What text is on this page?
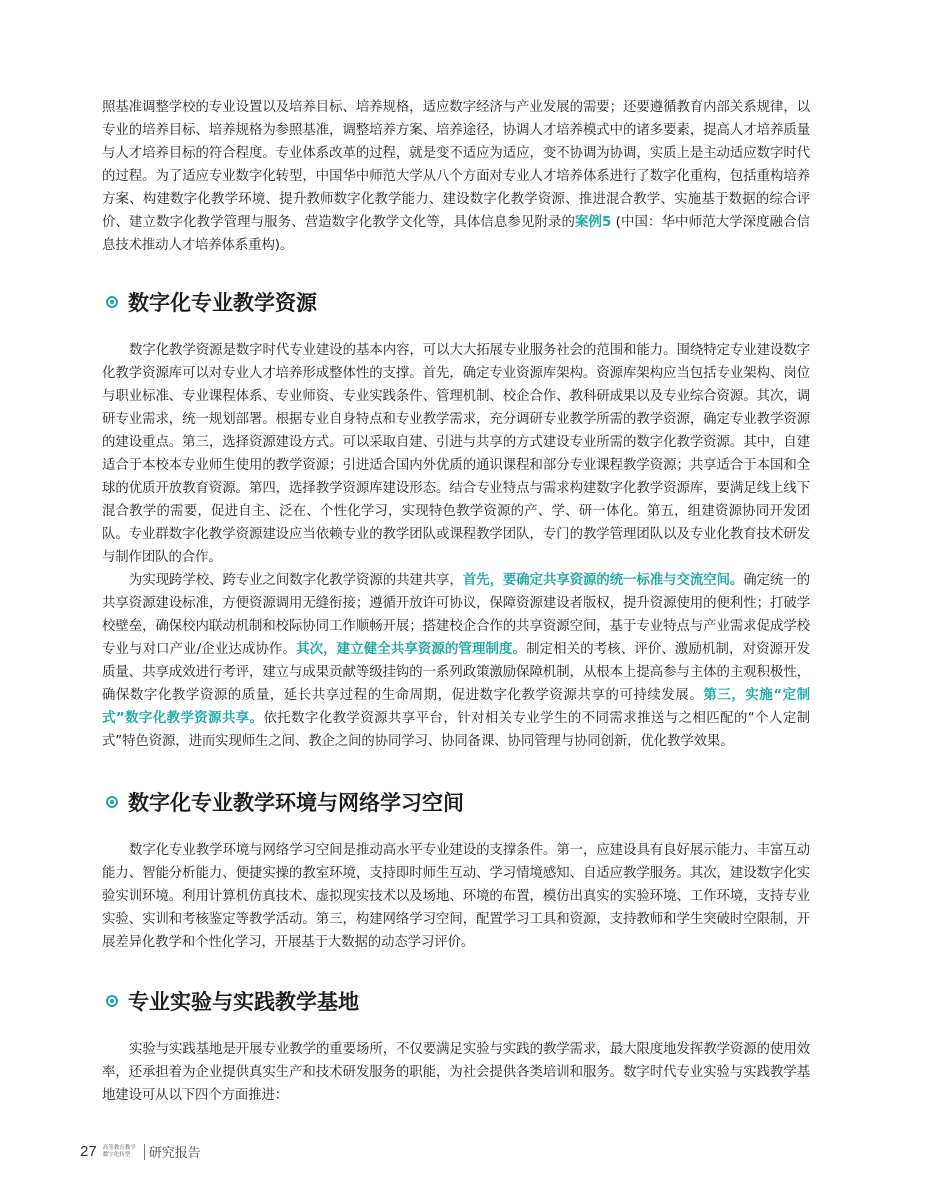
照基准调整学校的专业设置以及培养目标、培养规格，适应数字经济与产业发展的需要；还要遵循教育内部关系规律，以专业的培养目标、培养规格为参照基准，调整培养方案、培养途径，协调人才培养模式中的诸多要素，提高人才培养质量与人才培养目标的符合程度。专业体系改革的过程，就是变不适应为适应，变不协调为协调，实质上是主动适应数字时代的过程。为了适应专业数字化转型，中国华中师范大学从八个方面对专业人才培养体系进行了数字化重构，包括重构培养方案、构建数字化教学环境、提升教师数字化教学能力、建设数字化教学资源、推进混合教学、实施基于数据的综合评价、建立数字化教学管理与服务、营造数字化教学文化等，具体信息参见附录的案例5 (中国：华中师范大学深度融合信息技术推动人才培养体系重构)。

数字化专业教学资源

数字化教学资源是数字时代专业建设的基本内容，可以大大拓展专业服务社会的范围和能力。围绕特定专业建设数字化教学资源库可以对专业人才培养形成整体性的支撑。首先，确定专业资源库架构。资源库架构应当包括专业架构、岗位与职业标准、专业课程体系、专业师资、专业实践条件、管理机制、校企合作、教科研成果以及专业综合资源。其次，调研专业需求，统一规划部署。根据专业自身特点和专业教学需求，充分调研专业教学所需的教学资源，确定专业教学资源的建设重点。第三，选择资源建设方式。可以采取自建、引进与共享的方式建设专业所需的数字化教学资源。其中，自建适合于本校本专业师生使用的教学资源；引进适合国内外优质的通识课程和部分专业课程教学资源；共享适合于本国和全球的优质开放教育资源。第四，选择教学资源库建设形态。结合专业特点与需求构建数字化教学资源库，要满足线上线下混合教学的需要，促进自主、泛在、个性化学习，实现特色教学资源的产、学、研一体化。第五，组建资源协同开发团队。专业群数字化教学资源建设应当依赖专业的教学团队或课程教学团队，专门的教学管理团队以及专业化教育技术研发与制作团队的合作。

为实现跨学校、跨专业之间数字化教学资源的共建共享，首先，要确定共享资源的统一标准与交流空间。确定统一的共享资源建设标准，方便资源调用无缝衔接；遵循开放许可协议，保障资源建设者版权，提升资源使用的便利性；打破学校壁垒，确保校内联动机制和校际协同工作顺畅开展；搭建校企合作的共享资源空间，基于专业特点与产业需求促成学校专业与对口产业/企业达成协作。其次，建立健全共享资源的管理制度。制定相关的考核、评价、激励机制，对资源开发质量、共享成效进行考评，建立与成果贡献等级挂钩的一系列政策激励保障机制，从根本上提高参与主体的主观积极性，确保数字化教学资源的质量，延长共享过程的生命周期，促进数字化教学资源共享的可持续发展。第三，实施“定制式”数字化教学资源共享。依托数字化教学资源共享平台，针对相关专业学生的不同需求推送与之相匹配的“个人定制式”特色资源，进而实现师生之间、教企之间的协同学习、协同备课、协同管理与协同创新，优化教学效果。

数字化专业教学环境与网络学习空间

数字化专业教学环境与网络学习空间是推动高水平专业建设的支撑条件。第一，应建设具有良好展示能力、丰富互动能力、智能分析能力、便捷实操的教室环境，支持即时师生互动、学习情境感知、自适应教学服务。其次，建设数字化实验实训环境。利用计算机仿真技术、虚拟现实技术以及场地、环境的布置，模仿出真实的实验环境、工作环境，支持专业实验、实训和考核鉴定等教学活动。第三，构建网络学习空间，配置学习工具和资源，支持教师和学生突破时空限制，开展差异化教学和个性化学习，开展基于大数据的动态学习评价。

专业实验与实践教学基地

实验与实践基地是开展专业教学的重要场所，不仅要满足实验与实践的教学需求，最大限度地发挥教学资源的使用效率，还承担着为企业提供真实生产和技术研发服务的职能，为社会提供各类培训和服务。数字时代专业实验与实践教学基地建设可从以下四个方面推进：

27 高等教育教学
数字化转型	研究报告
